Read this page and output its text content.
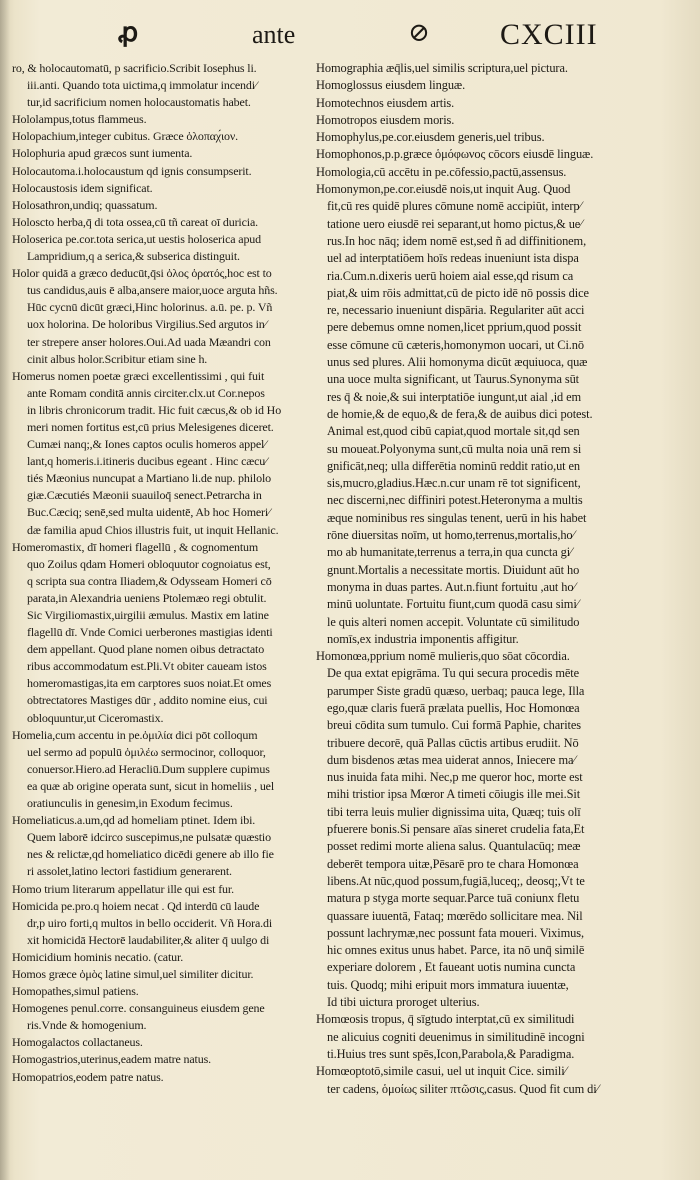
ꝓ	ante	⊘ CXCIII
ro, & holocautomatū, p sacrificio.Scribit Iosephus li.
iii.anti. Quando tota uictima,q immolatur incendi⁄
tur,id sacrificium nomen holocaustomatis habet.
Hololampus,totus flammeus.
Holopachium,integer cubitus. Græce ὁλοπαχ́ιον.
Holophuria apud græcos sunt iumenta.
Holocautoma.i.holocaustum qd ignis consumpserit.
Holocaustosis idem significat.
Holosathron,undiq; quassatum.
Holoscto herba,q̄ di tota ossea,cū tñ careat oī duricia.
Holoserica pe.cor.tota serica,ut uestis holoserica apud
Lampridium,q a serica,& subserica distinguit.
Holor quidā a græco deducūt,q̄si ὁλος ὀρατός,hoc est to
tus candidus,auis ē alba,ansere maior,uoce arguta hñs.
Hūc cycnū dicūt græci,Hinc holorinus. a.ū. pe. p. Vñ
uox holorina. De holoribus Virgilius.Sed argutos in⁄
ter strepere anser holores.Oui.Ad uada Mæandri con
cinit albus holor.Scribitur etiam sine h.
Homerus nomen poetæ græci excellentissimi , qui fuit
ante Romam conditā annis circiter.clx.ut Cor.nepos
in libris chronicorum tradit. Hic fuit cæcus,& ob id Ho
meri nomen fortitus est,cū prius Melesigenes diceret.
Cumæi nanq;,& Iones captos oculis homeros appel⁄
lant,q homeris.i.itineris ducibus egeant . Hinc cæcu⁄
tiés Mæonius nuncupat a Martiano li.de nup. philolo
giæ.Cæcutiés Mæonii suauiloq̄ senect.Petrarcha in
Buc.Cæciq; senē,sed multa uidentē, Ab hoc Homeri⁄
dæ familia apud Chios illustris fuit, ut inquit Hellanic.
Homeromastix, dī homeri flagellū , & cognomentum
quo Zoilus qdam Homeri obloquutor cognoiatus est,
q scripta sua contra Iliadem,& Odysseam Homeri cō
parata,in Alexandria ueniens Ptolemæo regi obtulit.
Sic Virgiliomastix,uirgilii æmulus. Mastix em latine
flagellū dī. Vnde Comici uerberones mastigias identi
dem appellant. Quod plane nomen oibus detractato
ribus accommodatum est.Pli.Vt obiter caueam istos
homeromastigas,ita em carptores suos noiat.Et omes
obtrectatores Mastiges dūr , addito nomine eius, cui
obloquuntur,ut Ciceromastix.
Homelia,cum accentu in pe.ὁμιλία dici pōt colloqum
uel sermo ad populū ὁμιλέω sermocinor, colloquor,
conuersor.Hiero.ad Heracliū.Dum supplere cupimus
ea quæ ab origine operata sunt, sicut in homeliis , uel
oratiunculis in genesim,in Exodum fecimus.
Homeliaticus.a.um,qd ad homeliam ptinet. Idem ibi.
Quem laborē idcirco suscepimus,ne pulsatæ quæstio
nes & relictæ,qd homeliatico dicēdi genere ab illo fie
ri assolet,latino lectori fastidium generarent.
Homo trium literarum appellatur ille qui est fur.
Homicida pe.pro.q hoiem necat . Qd interdū cū laude
dr,p uiro forti,q multos in bello occiderit. Vñ Hora.di
xit homicidā Hectorē laudabiliter,& aliter q̄ uulgo di
Homicidium hominis necatio. (catur.
Homos græce ὁμὸς latine simul,uel similiter dicitur.
Homopathes,simul patiens.
Homogenes penul.corre. consanguineus eiusdem gene
ris.Vnde & homogenium.
Homogalactos collactaneus.
Homogastrios,uterinus,eadem matre natus.
Homopatrios,eodem patre natus.
Homographia æq̄lis,uel similis scriptura,uel pictura.
Homoglossus eiusdem linguæ.
Homotechnos eiusdem artis.
Homotropos eiusdem moris.
Homophylus,pe.cor.eiusdem generis,uel tribus.
Homophonos,p.p.græce ὁμόφωνος cōcors eiusdē linguæ.
Homologia,cū accētu in pe.cōfessio,pactū,assensus.
Homonymon,pe.cor.eiusdē nois,ut inquit Aug. Quod
fit,cū res quidē plures cōmune nomē accipiūt, interp⁄
tatione uero eiusdē rei separant,ut homo pictus,& ue⁄
rus.In hoc nāq; idem nomē est,sed ñ ad diffinitionem,
uel ad interptatiōem hoīs redeas inueniunt ista dispa
ria.Cum.n.dixeris uerū hoiem aial esse,qd risum ca
piat,& uim rōis admittat,cū de picto idē nō possis dice
re, necessario inueniunt dispāria. Regulariter aūt acci
pere debemus omne nomen,licet pprium,quod possit
esse cōmune cū cæteris,homonymon uocari, ut Ci.nō
unus sed plures. Alii homonyma dicūt æquiuoca, quæ
una uoce multa significant, ut Taurus.Synonyma sūt
res q̄ & noie,& sui interptatiōe iungunt,ut aial ,id em
de homie,& de equo,& de fera,& de auibus dici potest.
Animal est,quod cibū capiat,quod mortale sit,qd sen
su moueat.Polyonyma sunt,cū multa noia unā rem si
gnificāt,neq; ulla differētia nominū reddit ratio,ut en
sis,mucro,gladius.Hæc.n.cur unam rē tot significent,
nec discerni,nec diffiniri potest.Heteronyma a multis
æque nominibus res singulas tenent, uerū in his habet
rōne diuersitas noīm, ut homo,terrenus,mortalis,ho⁄
mo ab humanitate,terrenus a terra,in qua cuncta gi⁄
gnunt.Mortalis a necessitate mortis. Diuidunt aūt ho
monyma in duas partes. Aut.n.fiunt fortuitu ,aut ho⁄
minū uoluntate. Fortuitu fiunt,cum quodā casu simi⁄
le quis alteri nomen accepit. Voluntate cū similitudo
nomīs,ex industria imponentis affigitur.
Homonœa,pprium nomē mulieris,quo sōat cōcordia.
De qua extat epigrāma. Tu qui secura procedis mēte
parumper Siste gradū quæso, uerbaq; pauca lege, Illa
ego,quæ claris fuerā prælata puellis, Hoc Homonœa
breui cōdita sum tumulo. Cui formā Paphie, charites
tribuere decorē, quā Pallas cūctis artibus erudiit. Nō
dum bisdenos ætas mea uiderat annos, Iniecere ma⁄
nus inuida fata mihi. Nec,p me queror hoc, morte est
mihi tristior ipsa Mœror A timeti cōiugis ille mei.Sit
tibi terra leuis mulier dignissima uita, Quæq; tuis olī
pfuerere bonis.Si pensare aīas sineret crudelia fata,Et
posset redimi morte aliena salus. Quantulacūq; meæ
deberēt tempora uitæ,Pēsarē pro te chara Homonœa
libens.At nūc,quod possum,fugiā,luceq;, deosq;,Vt te
matura p styga morte sequar.Parce tuā coniunx fletu
quassare iuuentā, Fataq; mœrēdo sollicitare mea. Nil
possunt lachrymæ,nec possunt fata moueri. Viximus,
hic omnes exitus unus habet. Parce, ita nō unq̄ similē
experiare dolorem , Et faueant uotis numina cuncta
tuis. Quodq; mihi eripuit mors immatura iuuentæ,
Id tibi uictura proroget ulterius.
Homœosis tropus, q̄ sīgtudo interptat,cū ex similitudi
ne alicuius cogniti deuenimus in similitudinē incogni
ti.Huius tres sunt spēs,Icon,Parabola,& Paradigma.
Homœoptotō,simile casui, uel ut inquit Cice. simili⁄
ter cadens, ὁμοίως siliter πτῶσις,casus. Quod fit cum di⁄
